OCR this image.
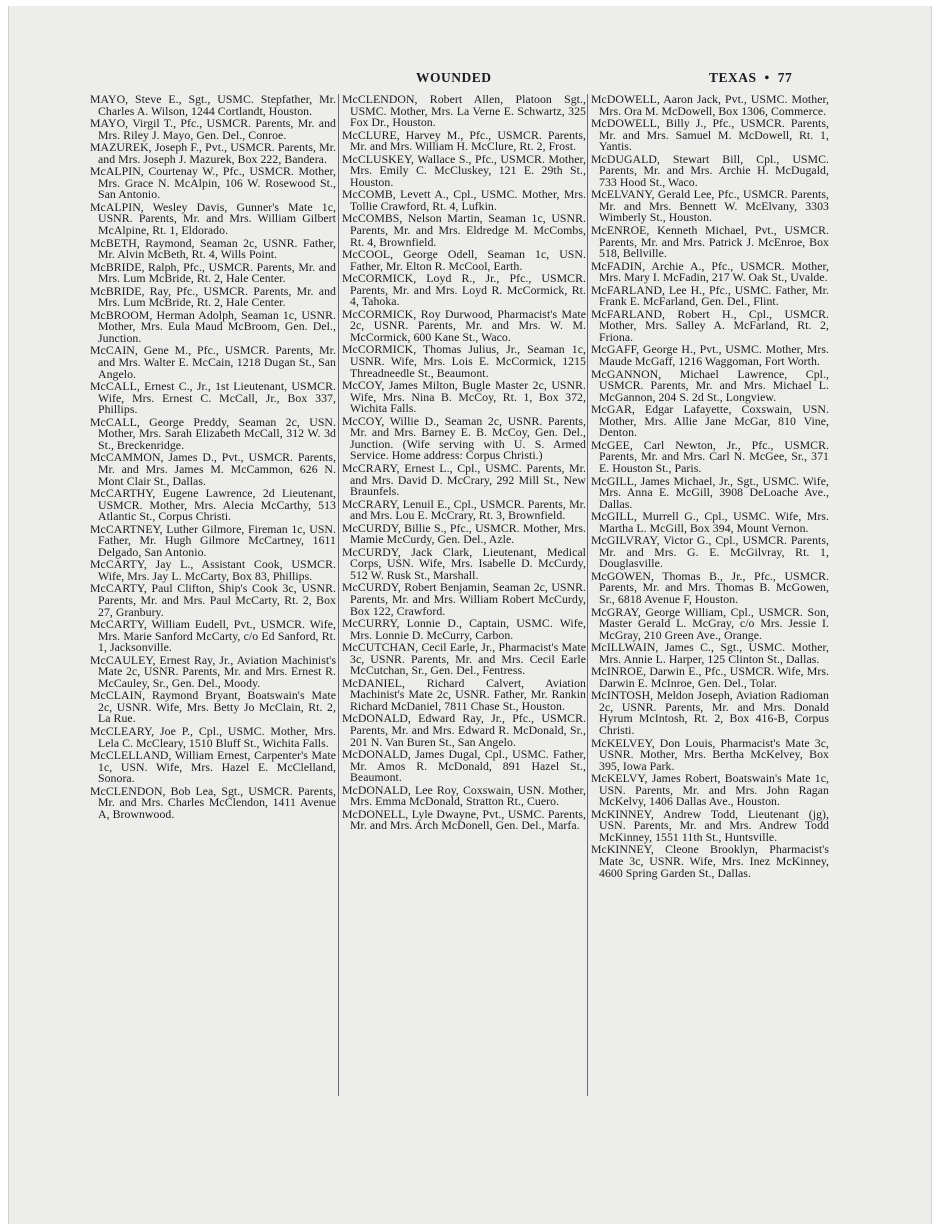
WOUNDED	TEXAS • 77

MAYO, Steve E., Sgt., USMC. Stepfather, Mr. Charles A. Wilson, 1244 Cortlandt, Houston.

MAYO, Virgil T., Pfc., USMCR. Parents, Mr. and Mrs. Riley J. Mayo, Gen. Del., Conroe.

MAZUREK, Joseph F., Pvt., USMCR. Parents, Mr. and Mrs. Joseph J. Mazurek, Box 222, Bandera.

McALPIN, Courtenay W., Pfc., USMCR. Mother, Mrs. Grace N. McAlpin, 106 W. Rosewood St., San Antonio.

McALPIN, Wesley Davis, Gunner's Mate 1c, USNR. Parents, Mr. and Mrs. William Gilbert McAlpine, Rt. 1, Eldorado.

McBETH, Raymond, Seaman 2c, USNR. Father, Mr. Alvin McBeth, Rt. 4, Wills Point.

McBRIDE, Ralph, Pfc., USMCR. Parents, Mr. and Mrs. Lum McBride, Rt. 2, Hale Center.

McBRIDE, Ray, Pfc., USMCR. Parents, Mr. and Mrs. Lum McBride, Rt. 2, Hale Center.

McBROOM, Herman Adolph, Seaman 1c, USNR. Mother, Mrs. Eula Maud McBroom, Gen. Del., Junction.

McCAIN, Gene M., Pfc., USMCR. Parents, Mr. and Mrs. Walter E. McCain, 1218 Dugan St., San Angelo.

McCALL, Ernest C., Jr., 1st Lieutenant, USMCR. Wife, Mrs. Ernest C. McCall, Jr., Box 337, Phillips.

McCALL, George Preddy, Seaman 2c, USN. Mother, Mrs. Sarah Elizabeth McCall, 312 W. 3d St., Breckenridge.

McCAMMON, James D., Pvt., USMCR. Parents, Mr. and Mrs. James M. McCammon, 626 N. Mont Clair St., Dallas.

McCARTHY, Eugene Lawrence, 2d Lieutenant, USMCR. Mother, Mrs. Alecia McCarthy, 513 Atlantic St., Corpus Christi.

McCARTNEY, Luther Gilmore, Fireman 1c, USN. Father, Mr. Hugh Gilmore McCartney, 1611 Delgado, San Antonio.

McCARTY, Jay L., Assistant Cook, USMCR. Wife, Mrs. Jay L. McCarty, Box 83, Phillips.

McCARTY, Paul Clifton, Ship's Cook 3c, USNR. Parents, Mr. and Mrs. Paul McCarty, Rt. 2, Box 27, Granbury.

McCARTY, William Eudell, Pvt., USMCR. Wife, Mrs. Marie Sanford McCarty, c/o Ed Sanford, Rt. 1, Jacksonville.

McCAULEY, Ernest Ray, Jr., Aviation Machinist's Mate 2c, USNR. Parents, Mr. and Mrs. Ernest R. McCauley, Sr., Gen. Del., Moody.

McCLAIN, Raymond Bryant, Boatswain's Mate 2c, USNR. Wife, Mrs. Betty Jo McClain, Rt. 2, La Rue.

McCLEARY, Joe P., Cpl., USMC. Mother, Mrs. Lela C. McCleary, 1510 Bluff St., Wichita Falls.

McCLELLAND, William Ernest, Carpenter's Mate 1c, USN. Wife, Mrs. Hazel E. McClelland, Sonora.

McCLENDON, Bob Lea, Sgt., USMCR. Parents, Mr. and Mrs. Charles McClendon, 1411 Avenue A, Brownwood.

McCLENDON, Robert Allen, Platoon Sgt., USMC. Mother, Mrs. La Verne E. Schwartz, 325 Fox Dr., Houston.

McCLURE, Harvey M., Pfc., USMCR. Parents, Mr. and Mrs. William H. McClure, Rt. 2, Frost.

McCLUSKEY, Wallace S., Pfc., USMCR. Mother, Mrs. Emily C. McCluskey, 121 E. 29th St., Houston.

McCOMB, Levett A., Cpl., USMC. Mother, Mrs. Tollie Crawford, Rt. 4, Lufkin.

McCOMBS, Nelson Martin, Seaman 1c, USNR. Parents, Mr. and Mrs. Eldredge M. McCombs, Rt. 4, Brownfield.

McCOOL, George Odell, Seaman 1c, USN. Father, Mr. Elton R. McCool, Earth.

McCORMICK, Loyd R., Jr., Pfc., USMCR. Parents, Mr. and Mrs. Loyd R. McCormick, Rt. 4, Tahoka.

McCORMICK, Roy Durwood, Pharmacist's Mate 2c, USNR. Parents, Mr. and Mrs. W. M. McCormick, 600 Kane St., Waco.

McCORMICK, Thomas Julius, Jr., Seaman 1c, USNR. Wife, Mrs. Lois E. McCormick, 1215 Threadneedle St., Beaumont.

McCOY, James Milton, Bugle Master 2c, USNR. Wife, Mrs. Nina B. McCoy, Rt. 1, Box 372, Wichita Falls.

McCOY, Willie D., Seaman 2c, USNR. Parents, Mr. and Mrs. Barney E. B. McCoy, Gen. Del., Junction. (Wife serving with U. S. Armed Service. Home address: Corpus Christi.)

McCRARY, Ernest L., Cpl., USMC. Parents, Mr. and Mrs. David D. McCrary, 292 Mill St., New Braunfels.

McCRARY, Lenuil E., Cpl., USMCR. Parents, Mr. and Mrs. Lou E. McCrary, Rt. 3, Brownfield.

McCURDY, Billie S., Pfc., USMCR. Mother, Mrs. Mamie McCurdy, Gen. Del., Azle.

McCURDY, Jack Clark, Lieutenant, Medical Corps, USN. Wife, Mrs. Isabelle D. McCurdy, 512 W. Rusk St., Marshall.

McCURDY, Robert Benjamin, Seaman 2c, USNR. Parents, Mr. and Mrs. William Robert McCurdy, Box 122, Crawford.

McCURRY, Lonnie D., Captain, USMC. Wife, Mrs. Lonnie D. McCurry, Carbon.

McCUTCHAN, Cecil Earle, Jr., Pharmacist's Mate 3c, USNR. Parents, Mr. and Mrs. Cecil Earle McCutchan, Sr., Gen. Del., Fentress.

McDANIEL, Richard Calvert, Aviation Machinist's Mate 2c, USNR. Father, Mr. Rankin Richard McDaniel, 7811 Chase St., Houston.

McDONALD, Edward Ray, Jr., Pfc., USMCR. Parents, Mr. and Mrs. Edward R. McDonald, Sr., 201 N. Van Buren St., San Angelo.

McDONALD, James Dugal, Cpl., USMC. Father, Mr. Amos R. McDonald, 891 Hazel St., Beaumont.

McDONALD, Lee Roy, Coxswain, USN. Mother, Mrs. Emma McDonald, Stratton Rt., Cuero.

McDONELL, Lyle Dwayne, Pvt., USMC. Parents, Mr. and Mrs. Arch McDonell, Gen. Del., Marfa.

McDOWELL, Aaron Jack, Pvt., USMC. Mother, Mrs. Ora M. McDowell, Box 1306, Commerce.

McDOWELL, Billy J., Pfc., USMCR. Parents, Mr. and Mrs. Samuel M. McDowell, Rt. 1, Yantis.

McDUGALD, Stewart Bill, Cpl., USMC. Parents, Mr. and Mrs. Archie H. McDugald, 733 Hood St., Waco.

McELVANY, Gerald Lee, Pfc., USMCR. Parents, Mr. and Mrs. Bennett W. McElvany, 3303 Wimberly St., Houston.

McENROE, Kenneth Michael, Pvt., USMCR. Parents, Mr. and Mrs. Patrick J. McEnroe, Box 518, Bellville.

McFADIN, Archie A., Pfc., USMCR. Mother, Mrs. Mary I. McFadin, 217 W. Oak St., Uvalde.

McFARLAND, Lee H., Pfc., USMC. Father, Mr. Frank E. McFarland, Gen. Del., Flint.

McFARLAND, Robert H., Cpl., USMCR. Mother, Mrs. Salley A. McFarland, Rt. 2, Friona.

McGAFF, George H., Pvt., USMC. Mother, Mrs. Maude McGaff, 1216 Waggoman, Fort Worth.

McGANNON, Michael Lawrence, Cpl., USMCR. Parents, Mr. and Mrs. Michael L. McGannon, 204 S. 2d St., Longview.

McGAR, Edgar Lafayette, Coxswain, USN. Mother, Mrs. Allie Jane McGar, 810 Vine, Denton.

McGEE, Carl Newton, Jr., Pfc., USMCR. Parents, Mr. and Mrs. Carl N. McGee, Sr., 371 E. Houston St., Paris.

McGILL, James Michael, Jr., Sgt., USMC. Wife, Mrs. Anna E. McGill, 3908 DeLoache Ave., Dallas.

McGILL, Murrell G., Cpl., USMC. Wife, Mrs. Martha L. McGill, Box 394, Mount Vernon.

McGILVRAY, Victor G., Cpl., USMCR. Parents, Mr. and Mrs. G. E. McGilvray, Rt. 1, Douglasville.

McGOWEN, Thomas B., Jr., Pfc., USMCR. Parents, Mr. and Mrs. Thomas B. McGowen, Sr., 6818 Avenue F, Houston.

McGRAY, George William, Cpl., USMCR. Son, Master Gerald L. McGray, c/o Mrs. Jessie I. McGray, 210 Green Ave., Orange.

McILLWAIN, James C., Sgt., USMC. Mother, Mrs. Annie L. Harper, 125 Clinton St., Dallas.

McINROE, Darwin E., Pfc., USMCR. Wife, Mrs. Darwin E. McInroe, Gen. Del., Tolar.

McINTOSH, Meldon Joseph, Aviation Radioman 2c, USNR. Parents, Mr. and Mrs. Donald Hyrum McIntosh, Rt. 2, Box 416-B, Corpus Christi.

McKELVEY, Don Louis, Pharmacist's Mate 3c, USNR. Mother, Mrs. Bertha McKelvey, Box 395, Iowa Park.

McKELVY, James Robert, Boatswain's Mate 1c, USN. Parents, Mr. and Mrs. John Ragan McKelvy, 1406 Dallas Ave., Houston.

McKINNEY, Andrew Todd, Lieutenant (jg), USN. Parents, Mr. and Mrs. Andrew Todd McKinney, 1551 11th St., Huntsville.

McKINNEY, Cleone Brooklyn, Pharmacist's Mate 3c, USNR. Wife, Mrs. Inez McKinney, 4600 Spring Garden St., Dallas.
